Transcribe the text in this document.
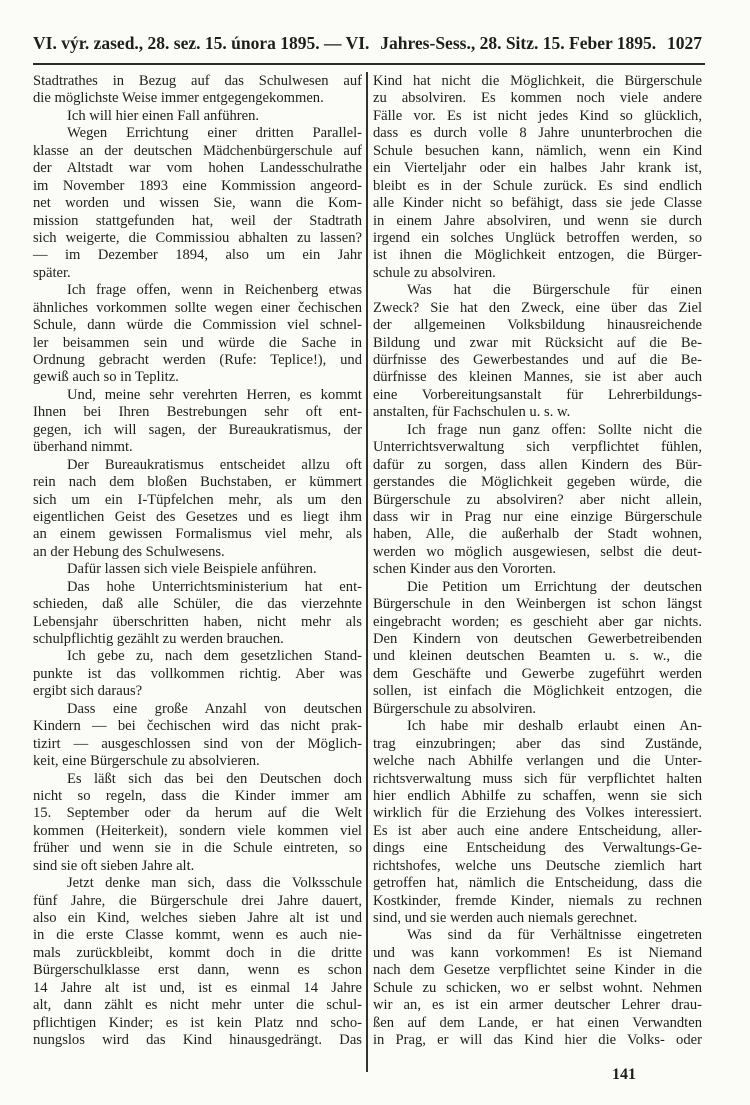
VI. výr. zased., 28. sez. 15. února 1895. — VI. Jahres-Sess., 28. Sitz. 15. Feber 1895. 1027
Stadtrathes in Bezug auf das Schulwesen auf
die möglichste Weise immer entgegengekommen.
Ich will hier einen Fall anführen.
Wegen Errichtung einer dritten Parallel-
klasse an der deutschen Mädchenbürgerschule auf
der Altstadt war vom hohen Landesschulrathe
im November 1893 eine Kommission angeord-
net worden und wissen Sie, wann die Kom-
mission stattgefunden hat, weil der Stadtrath
sich weigerte, die Commissiou abhalten zu lassen?
— im Dezember 1894, also um ein Jahr
später.
Ich frage offen, wenn in Reichenberg etwas
ähnliches vorkommen sollte wegen einer čechischen
Schule, dann würde die Commission viel schnel-
ler beisammen sein und würde die Sache in
Ordnung gebracht werden (Rufe: Teplice!), und
gewiß auch so in Teplitz.
Und, meine sehr verehrten Herren, es kommt
Ihnen bei Ihren Bestrebungen sehr oft ent-
gegen, ich will sagen, der Bureaukratismus, der
überhand nimmt.
Der Bureaukratismus entscheidet allzu oft
rein nach dem bloßen Buchstaben, er kümmert
sich um ein I-Tüpfelchen mehr, als um den
eigentlichen Geist des Gesetzes und es liegt ihm
an einem gewissen Formalismus viel mehr, als
an der Hebung des Schulwesens.
Dafür lassen sich viele Beispiele anführen.
Das hohe Unterrichtsministerium hat ent-
schieden, daß alle Schüler, die das vierzehnte
Lebensjahr überschritten haben, nicht mehr als
schulpflichtig gezählt zu werden brauchen.
Ich gebe zu, nach dem gesetzlichen Stand-
punkte ist das vollkommen richtig. Aber was
ergibt sich daraus?
Dass eine große Anzahl von deutschen
Kindern — bei čechischen wird das nicht prak-
tizirt — ausgeschlossen sind von der Möglich-
keit, eine Bürgerschule zu absolvieren.
Es läßt sich das bei den Deutschen doch
nicht so regeln, dass die Kinder immer am
15. September oder da herum auf die Welt
kommen (Heiterkeit), sondern viele kommen viel
früher und wenn sie in die Schule eintreten, so
sind sie oft sieben Jahre alt.
Jetzt denke man sich, dass die Volksschule
fünf Jahre, die Bürgerschule drei Jahre dauert,
also ein Kind, welches sieben Jahre alt ist und
in die erste Classe kommt, wenn es auch nie-
mals zurückbleibt, kommt doch in die dritte
Bürgerschulklasse erst dann, wenn es schon
14 Jahre alt ist und, ist es einmal 14 Jahre
alt, dann zählt es nicht mehr unter die schul-
pflichtigen Kinder; es ist kein Platz nnd scho-
nungslos wird das Kind hinausgedrängt. Das
Kind hat nicht die Möglichkeit, die Bürgerschule
zu absolviren. Es kommen noch viele andere
Fälle vor. Es ist nicht jedes Kind so glücklich,
dass es durch volle 8 Jahre ununterbrochen die
Schule besuchen kann, nämlich, wenn ein Kind
ein Vierteljahr oder ein halbes Jahr krank ist,
bleibt es in der Schule zurück. Es sind endlich
alle Kinder nicht so befähigt, dass sie jede Classe
in einem Jahre absolviren, und wenn sie durch
irgend ein solches Unglück betroffen werden, so
ist ihnen die Möglichkeit entzogen, die Bürger-
schule zu absolviren.
Was hat die Bürgerschule für einen
Zweck? Sie hat den Zweck, eine über das Ziel
der allgemeinen Volksbildung hinausreichende
Bildung und zwar mit Rücksicht auf die Be-
dürfnisse des Gewerbestandes und auf die Be-
dürfnisse des kleinen Mannes, sie ist aber auch
eine Vorbereitungsanstalt für Lehrerbildungs-
anstalten, für Fachschulen u. s. w.
Ich frage nun ganz offen: Sollte nicht die
Unterrichtsverwaltung sich verpflichtet fühlen,
dafür zu sorgen, dass allen Kindern des Bür-
gerstandes die Möglichkeit gegeben würde, die
Bürgerschule zu absolviren? aber nicht allein,
dass wir in Prag nur eine einzige Bürgerschule
haben, Alle, die außerhalb der Stadt wohnen,
werden wo möglich ausgewiesen, selbst die deut-
schen Kinder aus den Vororten.
Die Petition um Errichtung der deutschen
Bürgerschule in den Weinbergen ist schon längst
eingebracht worden; es geschieht aber gar nichts.
Den Kindern von deutschen Gewerbetreibenden
und kleinen deutschen Beamten u. s. w., die
dem Geschäfte und Gewerbe zugeführt werden
sollen, ist einfach die Möglichkeit entzogen, die
Bürgerschule zu absolviren.
Ich habe mir deshalb erlaubt einen An-
trag einzubringen; aber das sind Zustände,
welche nach Abhilfe verlangen und die Unter-
richtsverwaltung muss sich für verpflichtet halten
hier endlich Abhilfe zu schaffen, wenn sie sich
wirklich für die Erziehung des Volkes interessiert.
Es ist aber auch eine andere Entscheidung, aller-
dings eine Entscheidung des Verwaltungs-Ge-
richtshofes, welche uns Deutsche ziemlich hart
getroffen hat, nämlich die Entscheidung, dass die
Kostkinder, fremde Kinder, niemals zu rechnen
sind, und sie werden auch niemals gerechnet.
Was sind da für Verhältnisse eingetreten
und was kann vorkommen! Es ist Niemand
nach dem Gesetze verpflichtet seine Kinder in die
Schule zu schicken, wo er selbst wohnt. Nehmen
wir an, es ist ein armer deutscher Lehrer drau-
ßen auf dem Lande, er hat einen Verwandten
in Prag, er will das Kind hier die Volks- oder
141
